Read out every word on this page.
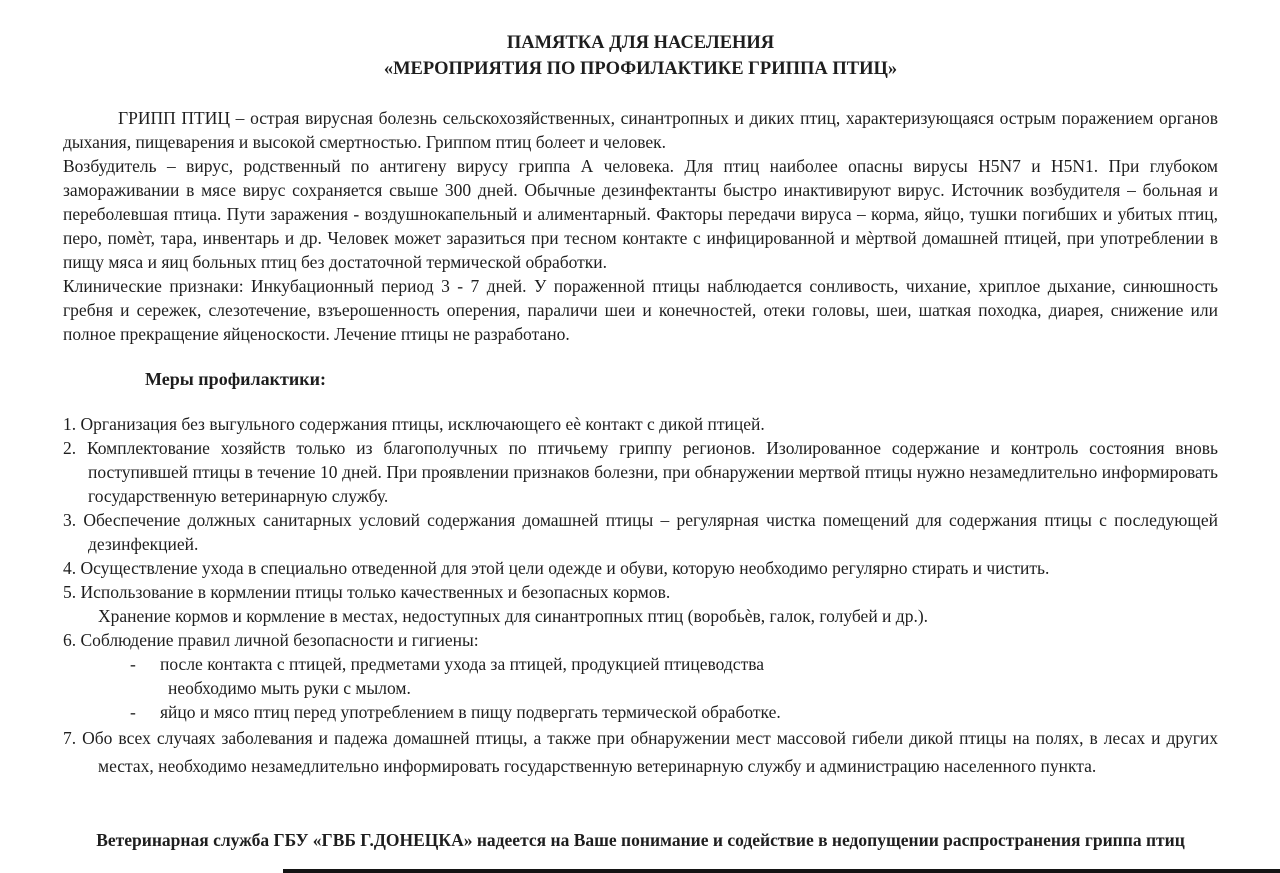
ПАМЯТКА ДЛЯ НАСЕЛЕНИЯ
«МЕРОПРИЯТИЯ ПО ПРОФИЛАКТИКЕ ГРИППА ПТИЦ»

ГРИПП ПТИЦ – острая вирусная болезнь сельскохозяйственных, синантропных и диких птиц, характеризующаяся острым поражением органов дыхания, пищеварения и высокой смертностью. Гриппом птиц болеет и человек.

Возбудитель – вирус, родственный по антигену вирусу гриппа А человека. Для птиц наиболее опасны вирусы H5N7 и H5N1. При глубоком замораживании в мясе вирус сохраняется свыше 300 дней. Обычные дезинфектанты быстро инактивируют вирус. Источник возбудителя – больная и переболевшая птица. Пути заражения - воздушнокапельный и алиментарный. Факторы передачи вируса – корма, яйцо, тушки погибших и убитых птиц, перо, помѐт, тара, инвентарь и др. Человек может заразиться при тесном контакте с инфицированной и мѐртвой домашней птицей, при употреблении в пищу мяса и яиц больных птиц без достаточной термической обработки.

Клинические признаки: Инкубационный период 3 - 7 дней. У пораженной птицы наблюдается сонливость, чихание, хриплое дыхание, синюшность гребня и сережек, слезотечение, взъерошенность оперения, параличи шеи и конечностей, отеки головы, шеи, шаткая походка, диарея, снижение или полное прекращение яйценоскости. Лечение птицы не разработано.

Меры профилактики:
1. Организация без выгульного содержания птицы, исключающего еѐ контакт с дикой птицей.
2. Комплектование хозяйств только из благополучных по птичьему гриппу регионов. Изолированное содержание и контроль состояния вновь поступившей птицы в течение 10 дней. При проявлении признаков болезни, при обнаружении мертвой птицы нужно незамедлительно информировать государственную ветеринарную службу.
3. Обеспечение должных санитарных условий содержания домашней птицы – регулярная чистка помещений для содержания птицы с последующей дезинфекцией.
4. Осуществление ухода в специально отведенной для этой цели одежде и обуви, которую необходимо регулярно стирать и чистить.
5. Использование в кормлении птицы только качественных и безопасных кормов.
Хранение кормов и кормление в местах, недоступных для синантропных птиц (воробьѐв, галок, голубей и др.).
6. Соблюдение правил личной безопасности и гигиены:
- после контакта с птицей, предметами ухода за птицей, продукцией птицеводства
необходимо мыть руки с мылом.
- яйцо и мясо птиц перед употреблением в пищу подвергать термической обработке.
7. Обо всех случаях заболевания и падежа домашней птицы, а также при обнаружении мест массовой гибели дикой птицы на полях, в лесах и других местах, необходимо незамедлительно информировать государственную ветеринарную службу и администрацию населенного пункта.
Ветеринарная служба ГБУ «ГВБ Г.ДОНЕЦКА» надеется на Ваше понимание и содействие в недопущении распространения гриппа птиц
